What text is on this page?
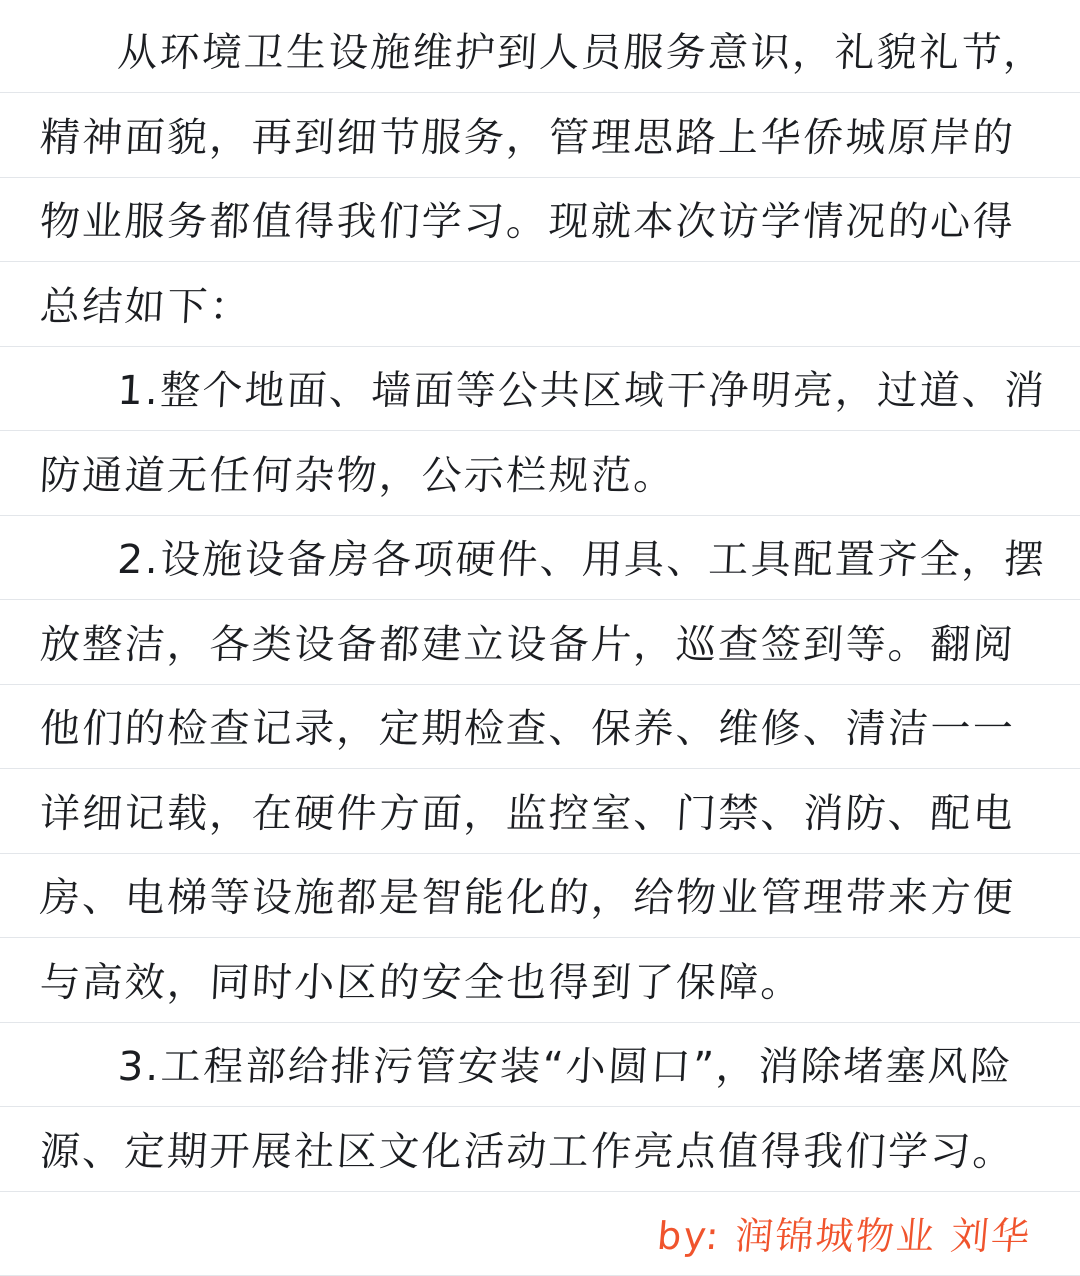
从环境卫生设施维护到人员服务意识，礼貌礼节，
精神面貌，再到细节服务，管理思路上华侨城原岸的
物业服务都值得我们学习。现就本次访学情况的心得
总结如下：
1.整个地面、墙面等公共区域干净明亮，过道、消
防通道无任何杂物，公示栏规范。
2.设施设备房各项硬件、用具、工具配置齐全，摆
放整洁，各类设备都建立设备片，巡查签到等。翻阅
他们的检查记录，定期检查、保养、维修、清洁一一
详细记载，在硬件方面，监控室、门禁、消防、配电
房、电梯等设施都是智能化的，给物业管理带来方便
与高效，同时小区的安全也得到了保障。
3.工程部给排污管安装“小圆口”，消除堵塞风险
源、定期开展社区文化活动工作亮点值得我们学习。
by: 润锦城物业 刘华
